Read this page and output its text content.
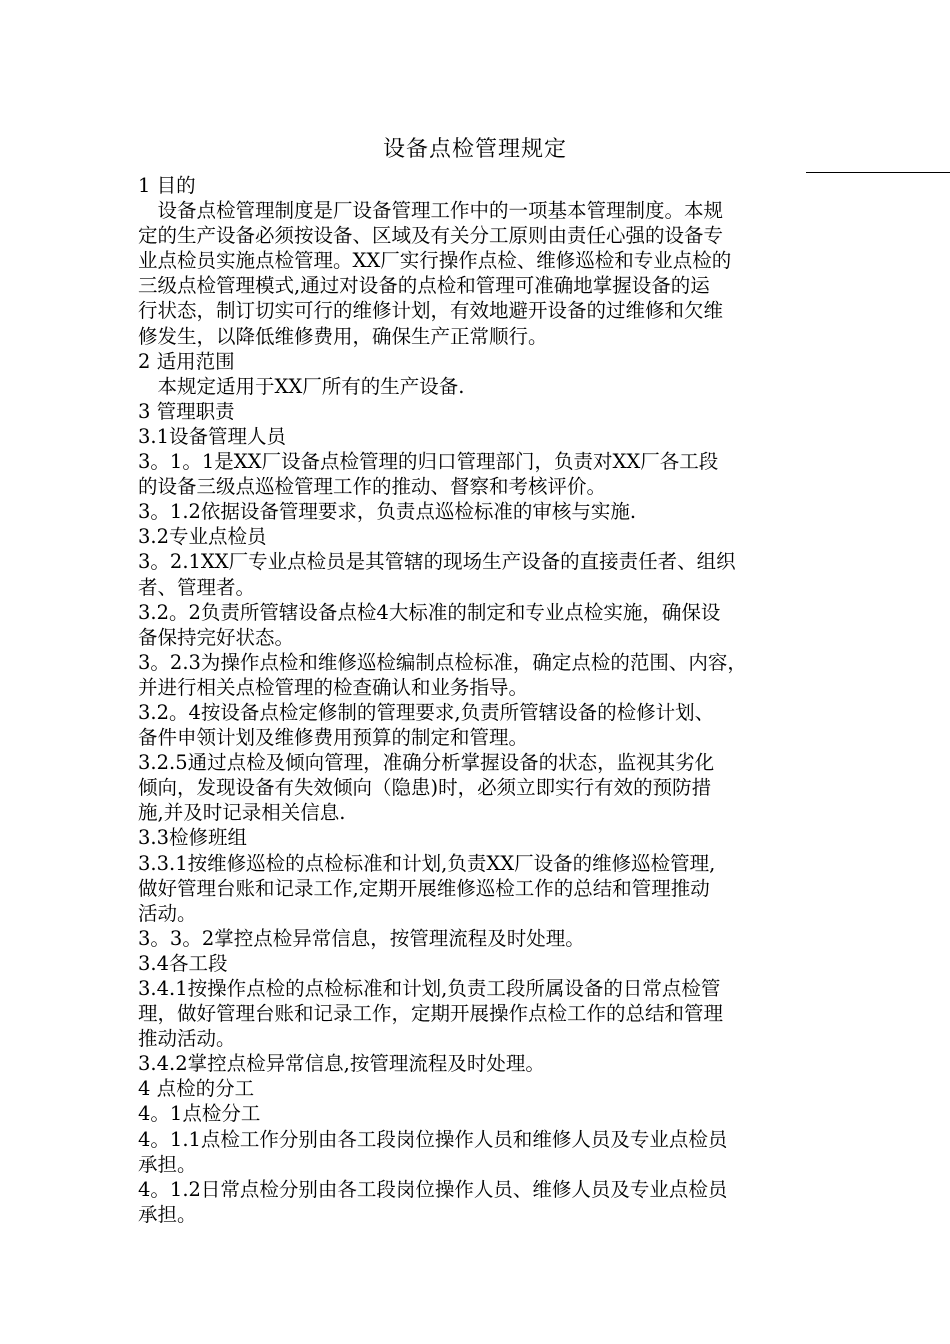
设备点检管理规定
1 目的
　设备点检管理制度是厂设备管理工作中的一项基本管理制度。本规
定的生产设备必须按设备、区域及有关分工原则由责任心强的设备专
业点检员实施点检管理。XX厂实行操作点检、维修巡检和专业点检的
三级点检管理模式,通过对设备的点检和管理可准确地掌握设备的运
行状态，制订切实可行的维修计划，有效地避开设备的过维修和欠维
修发生，以降低维修费用，确保生产正常顺行。
2 适用范围
　本规定适用于XX厂所有的生产设备.
3 管理职责
3.1设备管理人员
3。1。1是XX厂设备点检管理的归口管理部门，负责对XX厂各工段
的设备三级点巡检管理工作的推动、督察和考核评价。
3。1.2依据设备管理要求，负责点巡检标准的审核与实施.
3.2专业点检员
3。2.1XX厂专业点检员是其管辖的现场生产设备的直接责任者、组织
者、管理者。
3.2。2负责所管辖设备点检4大标准的制定和专业点检实施，确保设
备保持完好状态。
3。2.3为操作点检和维修巡检编制点检标准，确定点检的范围、内容，
并进行相关点检管理的检查确认和业务指导。
3.2。4按设备点检定修制的管理要求,负责所管辖设备的检修计划、
备件申领计划及维修费用预算的制定和管理。
3.2.5通过点检及倾向管理，准确分析掌握设备的状态，监视其劣化
倾向，发现设备有失效倾向（隐患)时，必须立即实行有效的预防措
施,并及时记录相关信息.
3.3检修班组
3.3.1按维修巡检的点检标准和计划,负责XX厂设备的维修巡检管理,
做好管理台账和记录工作,定期开展维修巡检工作的总结和管理推动
活动。
3。3。2掌控点检异常信息，按管理流程及时处理。
3.4各工段
3.4.1按操作点检的点检标准和计划,负责工段所属设备的日常点检管
理，做好管理台账和记录工作，定期开展操作点检工作的总结和管理
推动活动。
3.4.2掌控点检异常信息,按管理流程及时处理。
4 点检的分工
4。1点检分工
4。1.1点检工作分别由各工段岗位操作人员和维修人员及专业点检员
承担。
4。1.2日常点检分别由各工段岗位操作人员、维修人员及专业点检员
承担。
